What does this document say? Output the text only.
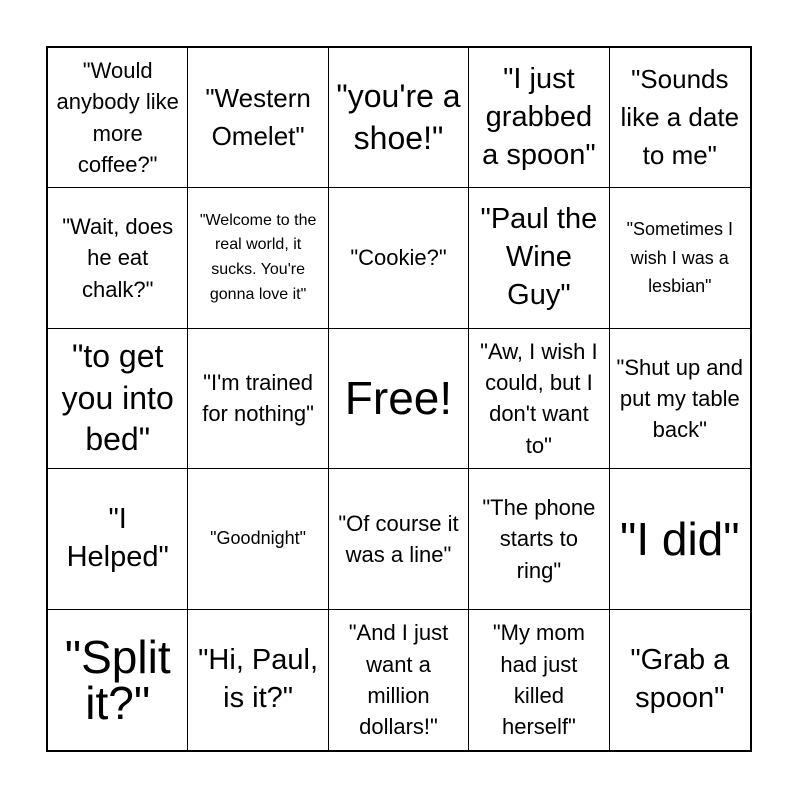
"Would anybody like more coffee?"
"Western Omelet"
"you're a shoe!"
"I just grabbed a spoon"
"Sounds like a date to me"
"Wait, does he eat chalk?"
"Welcome to the real world, it sucks. You're gonna love it"
"Cookie?"
"Paul the Wine Guy"
"Sometimes I wish I was a lesbian"
"to get you into bed"
"I'm trained for nothing" Free!
"Aw, I wish I could, but I don't want to"
"Shut up and put my table back"
"I Helped"
"Goodnight"
"Of course it was a line"
"The phone starts to ring"
"I did"
"Split it?"
"Hi, Paul, is it?"
"And I just want a million dollars!"
"My mom had just killed herself"
"Grab a spoon"
